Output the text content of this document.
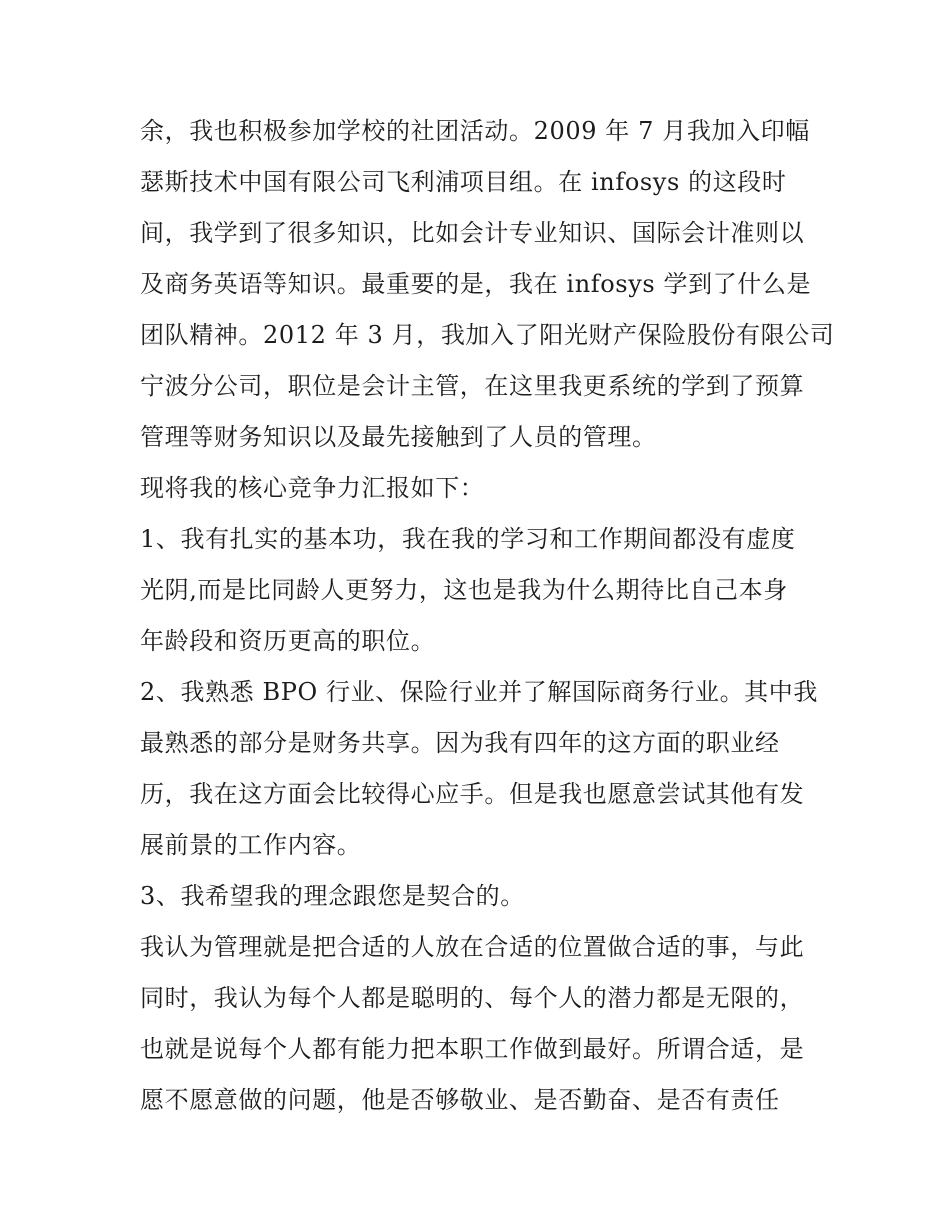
余，我也积极参加学校的社团活动。2009 年 7 月我加入印幅
瑟斯技术中国有限公司飞利浦项目组。在 infosys 的这段时
间，我学到了很多知识，比如会计专业知识、国际会计准则以
及商务英语等知识。最重要的是，我在 infosys 学到了什么是
团队精神。2012 年 3 月，我加入了阳光财产保险股份有限公司
宁波分公司，职位是会计主管，在这里我更系统的学到了预算
管理等财务知识以及最先接触到了人员的管理。
现将我的核心竞争力汇报如下：
1、我有扎实的基本功，我在我的学习和工作期间都没有虚度
光阴,而是比同龄人更努力，这也是我为什么期待比自己本身
年龄段和资历更高的职位。
2、我熟悉 BPO 行业、保险行业并了解国际商务行业。其中我
最熟悉的部分是财务共享。因为我有四年的这方面的职业经
历，我在这方面会比较得心应手。但是我也愿意尝试其他有发
展前景的工作内容。
3、我希望我的理念跟您是契合的。
我认为管理就是把合适的人放在合适的位置做合适的事，与此
同时，我认为每个人都是聪明的、每个人的潜力都是无限的，
也就是说每个人都有能力把本职工作做到最好。所谓合适，是
愿不愿意做的问题，他是否够敬业、是否勤奋、是否有责任
